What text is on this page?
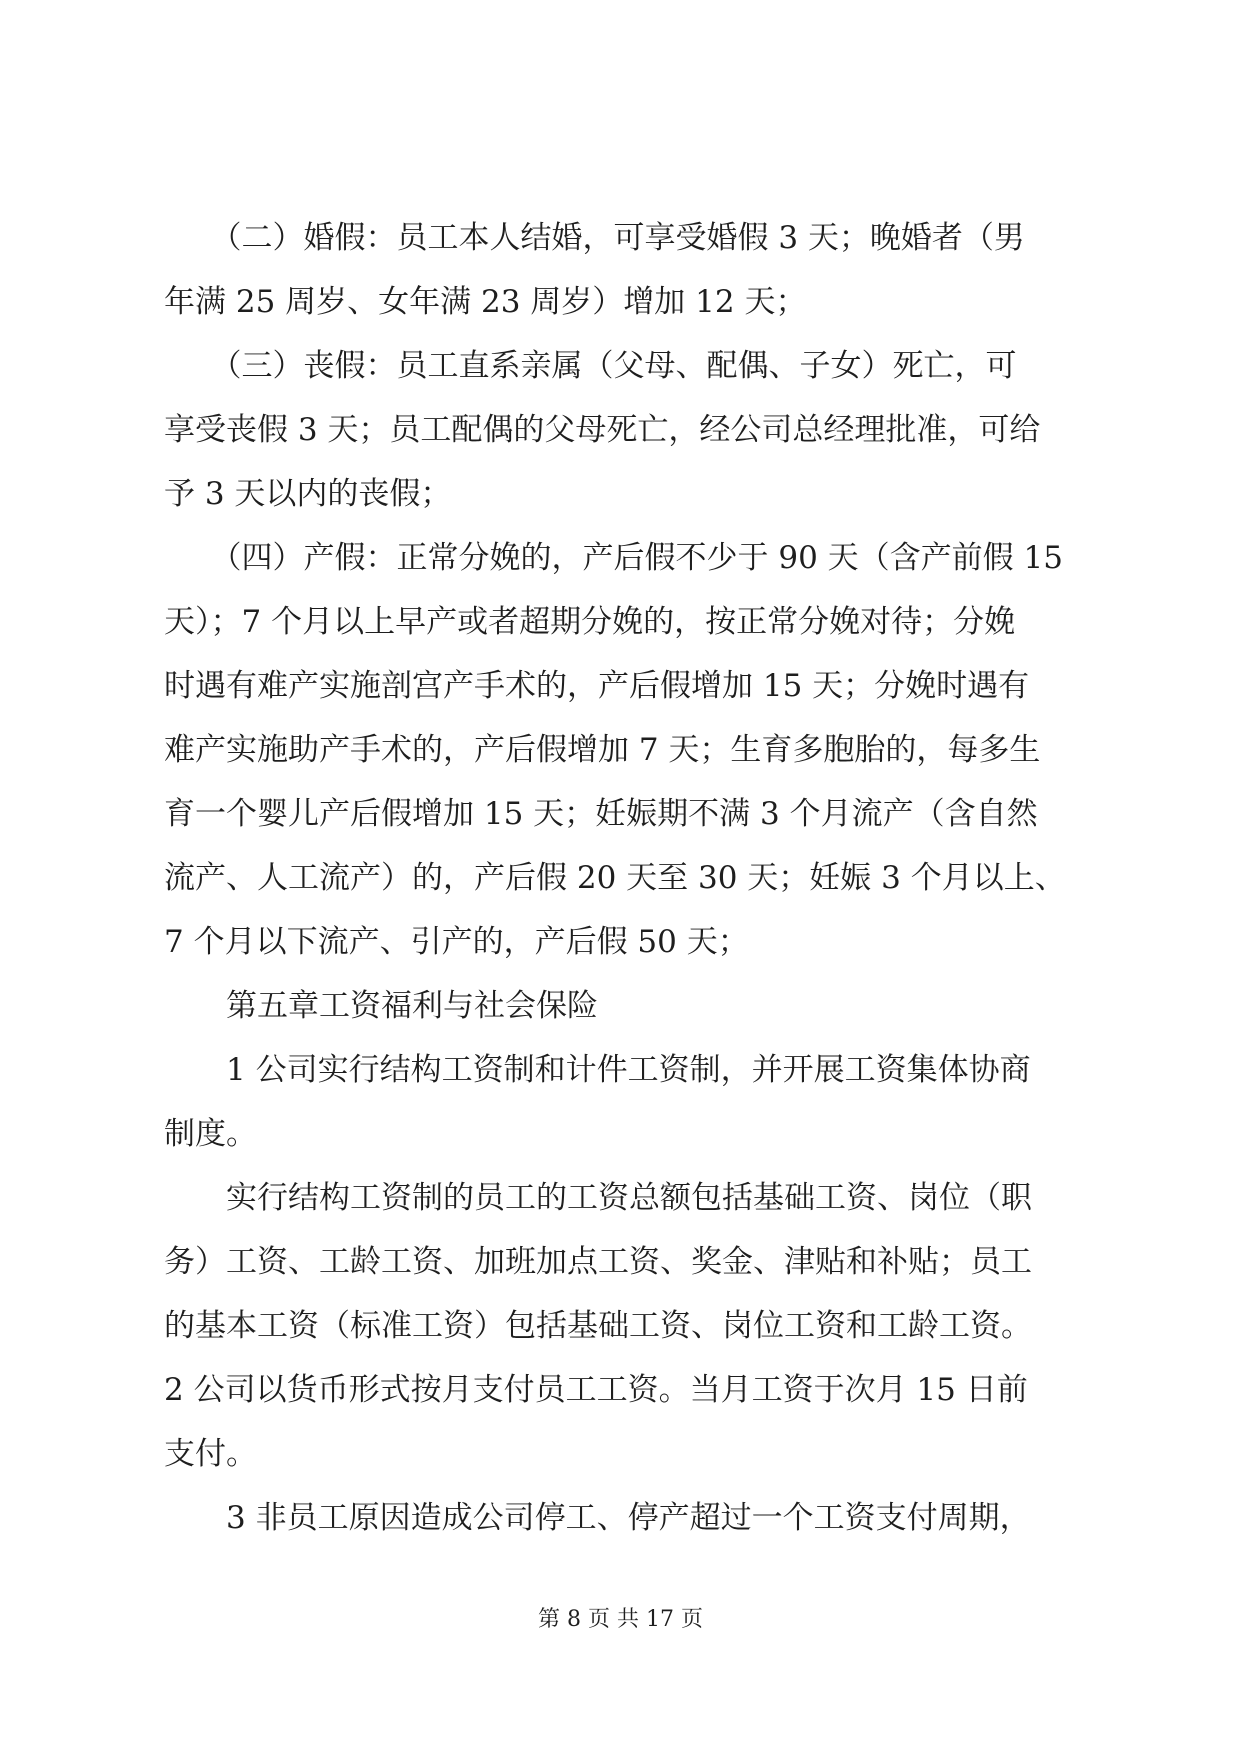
　　（二）婚假：员工本人结婚，可享受婚假 3 天；晚婚者（男
年满 25 周岁、女年满 23 周岁）增加 12 天；
　　（三）丧假：员工直系亲属（父母、配偶、子女）死亡，可
享受丧假 3 天；员工配偶的父母死亡，经公司总经理批准，可给
予 3 天以内的丧假；
　　（四）产假：正常分娩的，产后假不少于 90 天（含产前假 15
天）；7 个月以上早产或者超期分娩的，按正常分娩对待；分娩
时遇有难产实施剖宫产手术的，产后假增加 15 天；分娩时遇有
难产实施助产手术的，产后假增加 7 天；生育多胞胎的，每多生
育一个婴儿产后假增加 15 天；妊娠期不满 3 个月流产（含自然
流产、人工流产）的，产后假 20 天至 30 天；妊娠 3 个月以上、
7 个月以下流产、引产的，产后假 50 天；
　　第五章工资福利与社会保险
　　1 公司实行结构工资制和计件工资制，并开展工资集体协商
制度。
　　实行结构工资制的员工的工资总额包括基础工资、岗位（职
务）工资、工龄工资、加班加点工资、奖金、津贴和补贴；员工
的基本工资（标准工资）包括基础工资、岗位工资和工龄工资。
2 公司以货币形式按月支付员工工资。当月工资于次月 15 日前
支付。
　　3 非员工原因造成公司停工、停产超过一个工资支付周期，
第 8 页 共 17 页
